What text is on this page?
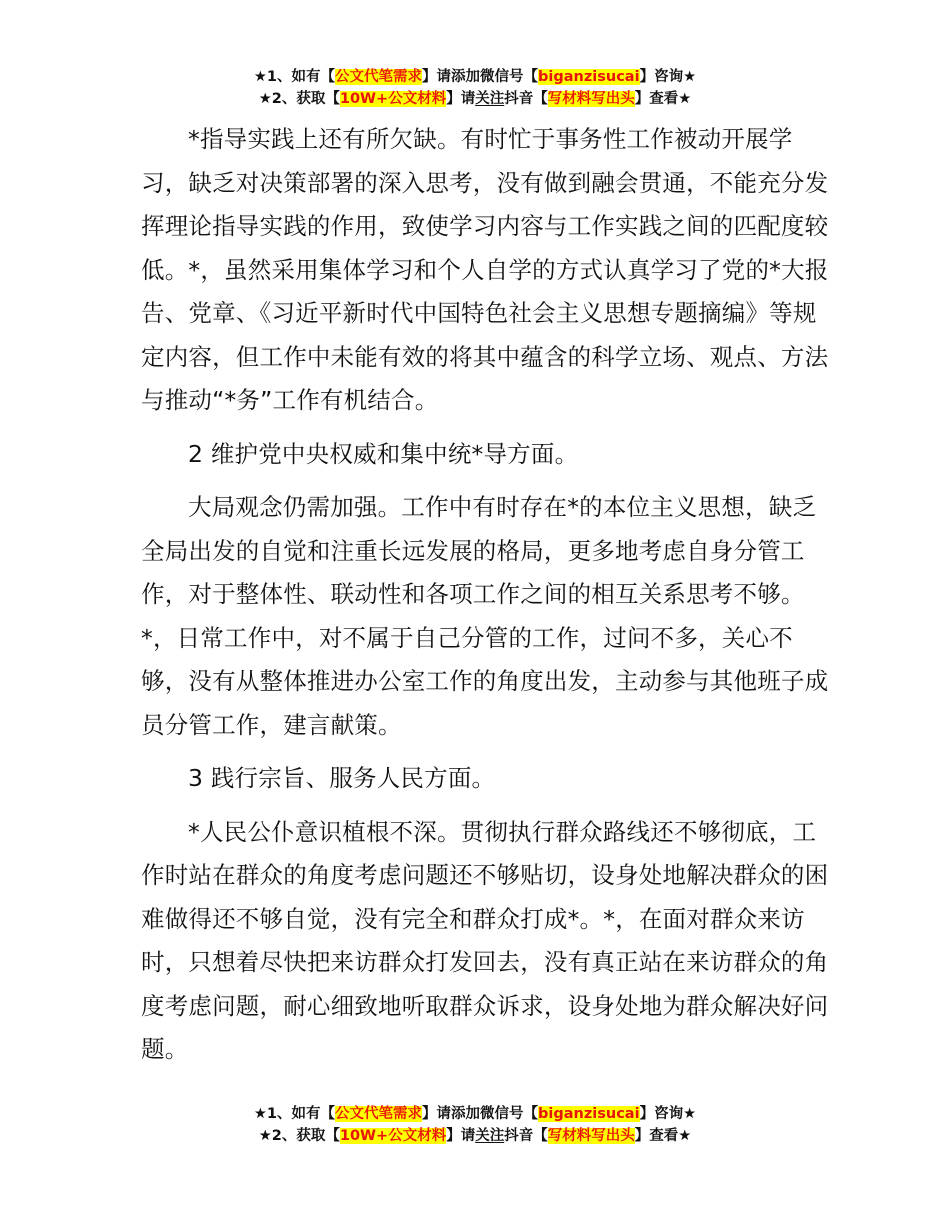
★1、如有【公文代笔需求】请添加微信号【biganzisucai】咨询★
★2、获取【10W+公文材料】请关注抖音【写材料写出头】查看★

*指导实践上还有所欠缺。有时忙于事务性工作被动开展学习，缺乏对决策部署的深入思考，没有做到融会贯通，不能充分发挥理论指导实践的作用，致使学习内容与工作实践之间的匹配度较低。*，虽然采用集体学习和个人自学的方式认真学习了党的*大报告、党章、《习近平新时代中国特色社会主义思想专题摘编》等规定内容，但工作中未能有效的将其中蕴含的科学立场、观点、方法与推动“*务”工作有机结合。

2 维护党中央权威和集中统*导方面。

大局观念仍需加强。工作中有时存在*的本位主义思想，缺乏全局出发的自觉和注重长远发展的格局，更多地考虑自身分管工作，对于整体性、联动性和各项工作之间的相互关系思考不够。*，日常工作中，对不属于自己分管的工作，过问不多，关心不够，没有从整体推进办公室工作的角度出发，主动参与其他班子成员分管工作，建言献策。

3 践行宗旨、服务人民方面。

*人民公仆意识植根不深。贯彻执行群众路线还不够彻底，工作时站在群众的角度考虑问题还不够贴切，设身处地解决群众的困难做得还不够自觉，没有完全和群众打成*。*，在面对群众来访时，只想着尽快把来访群众打发回去，没有真正站在来访群众的角度考虑问题，耐心细致地听取群众诉求，设身处地为群众解决好问题。

★1、如有【公文代笔需求】请添加微信号【biganzisucai】咨询★
★2、获取【10W+公文材料】请关注抖音【写材料写出头】查看★
